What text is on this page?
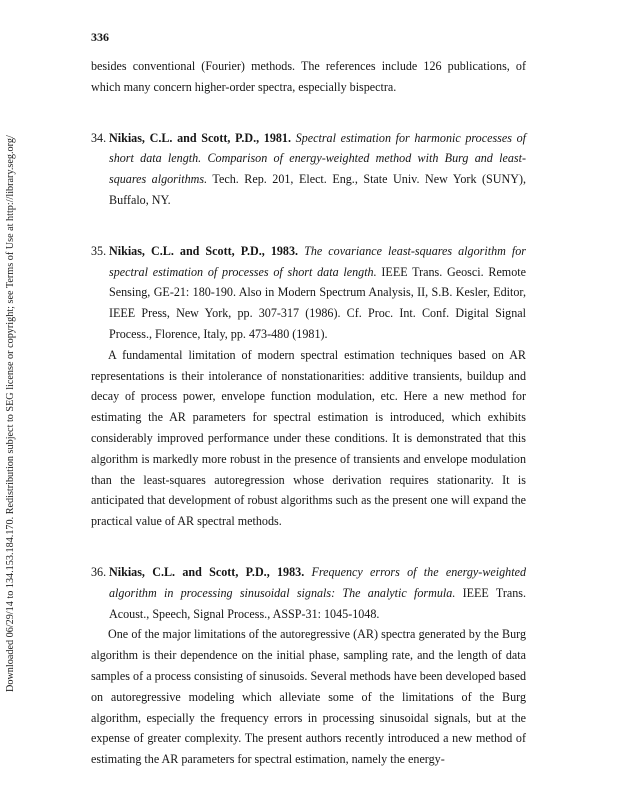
336
Downloaded 06/29/14 to 134.153.184.170. Redistribution subject to SEG license or copyright; see Terms of Use at http://library.seg.org/

besides conventional (Fourier) methods. The references include 126 publications, of which many concern higher-order spectra, especially bispectra.

34. Nikias, C.L. and Scott, P.D., 1981. Spectral estimation for harmonic processes of short data length. Comparison of energy-weighted method with Burg and least-squares algorithms. Tech. Rep. 201, Elect. Eng., State Univ. New York (SUNY), Buffalo, NY.
35. Nikias, C.L. and Scott, P.D., 1983. The covariance least-squares algorithm for spectral estimation of processes of short data length. IEEE Trans. Geosci. Remote Sensing, GE-21: 180-190. Also in Modern Spectrum Analysis, II, S.B. Kesler, Editor, IEEE Press, New York, pp. 307-317 (1986). Cf. Proc. Int. Conf. Digital Signal Process., Florence, Italy, pp. 473-480 (1981).

A fundamental limitation of modern spectral estimation techniques based on AR representations is their intolerance of nonstationarities: additive transients, buildup and decay of process power, envelope function modulation, etc. Here a new method for estimating the AR parameters for spectral estimation is introduced, which exhibits considerably improved performance under these conditions. It is demonstrated that this algorithm is markedly more robust in the presence of transients and envelope modulation than the least-squares autoregression whose derivation requires stationarity. It is anticipated that development of robust algorithms such as the present one will expand the practical value of AR spectral methods.

36. Nikias, C.L. and Scott, P.D., 1983. Frequency errors of the energy-weighted algorithm in processing sinusoidal signals: The analytic formula. IEEE Trans. Acoust., Speech, Signal Process., ASSP-31: 1045-1048.

One of the major limitations of the autoregressive (AR) spectra generated by the Burg algorithm is their dependence on the initial phase, sampling rate, and the length of data samples of a process consisting of sinusoids. Several methods have been developed based on autoregressive modeling which alleviate some of the limitations of the Burg algorithm, especially the frequency errors in processing sinusoidal signals, but at the expense of greater complexity. The present authors recently introduced a new method of estimating the AR parameters for spectral estimation, namely the energy-
